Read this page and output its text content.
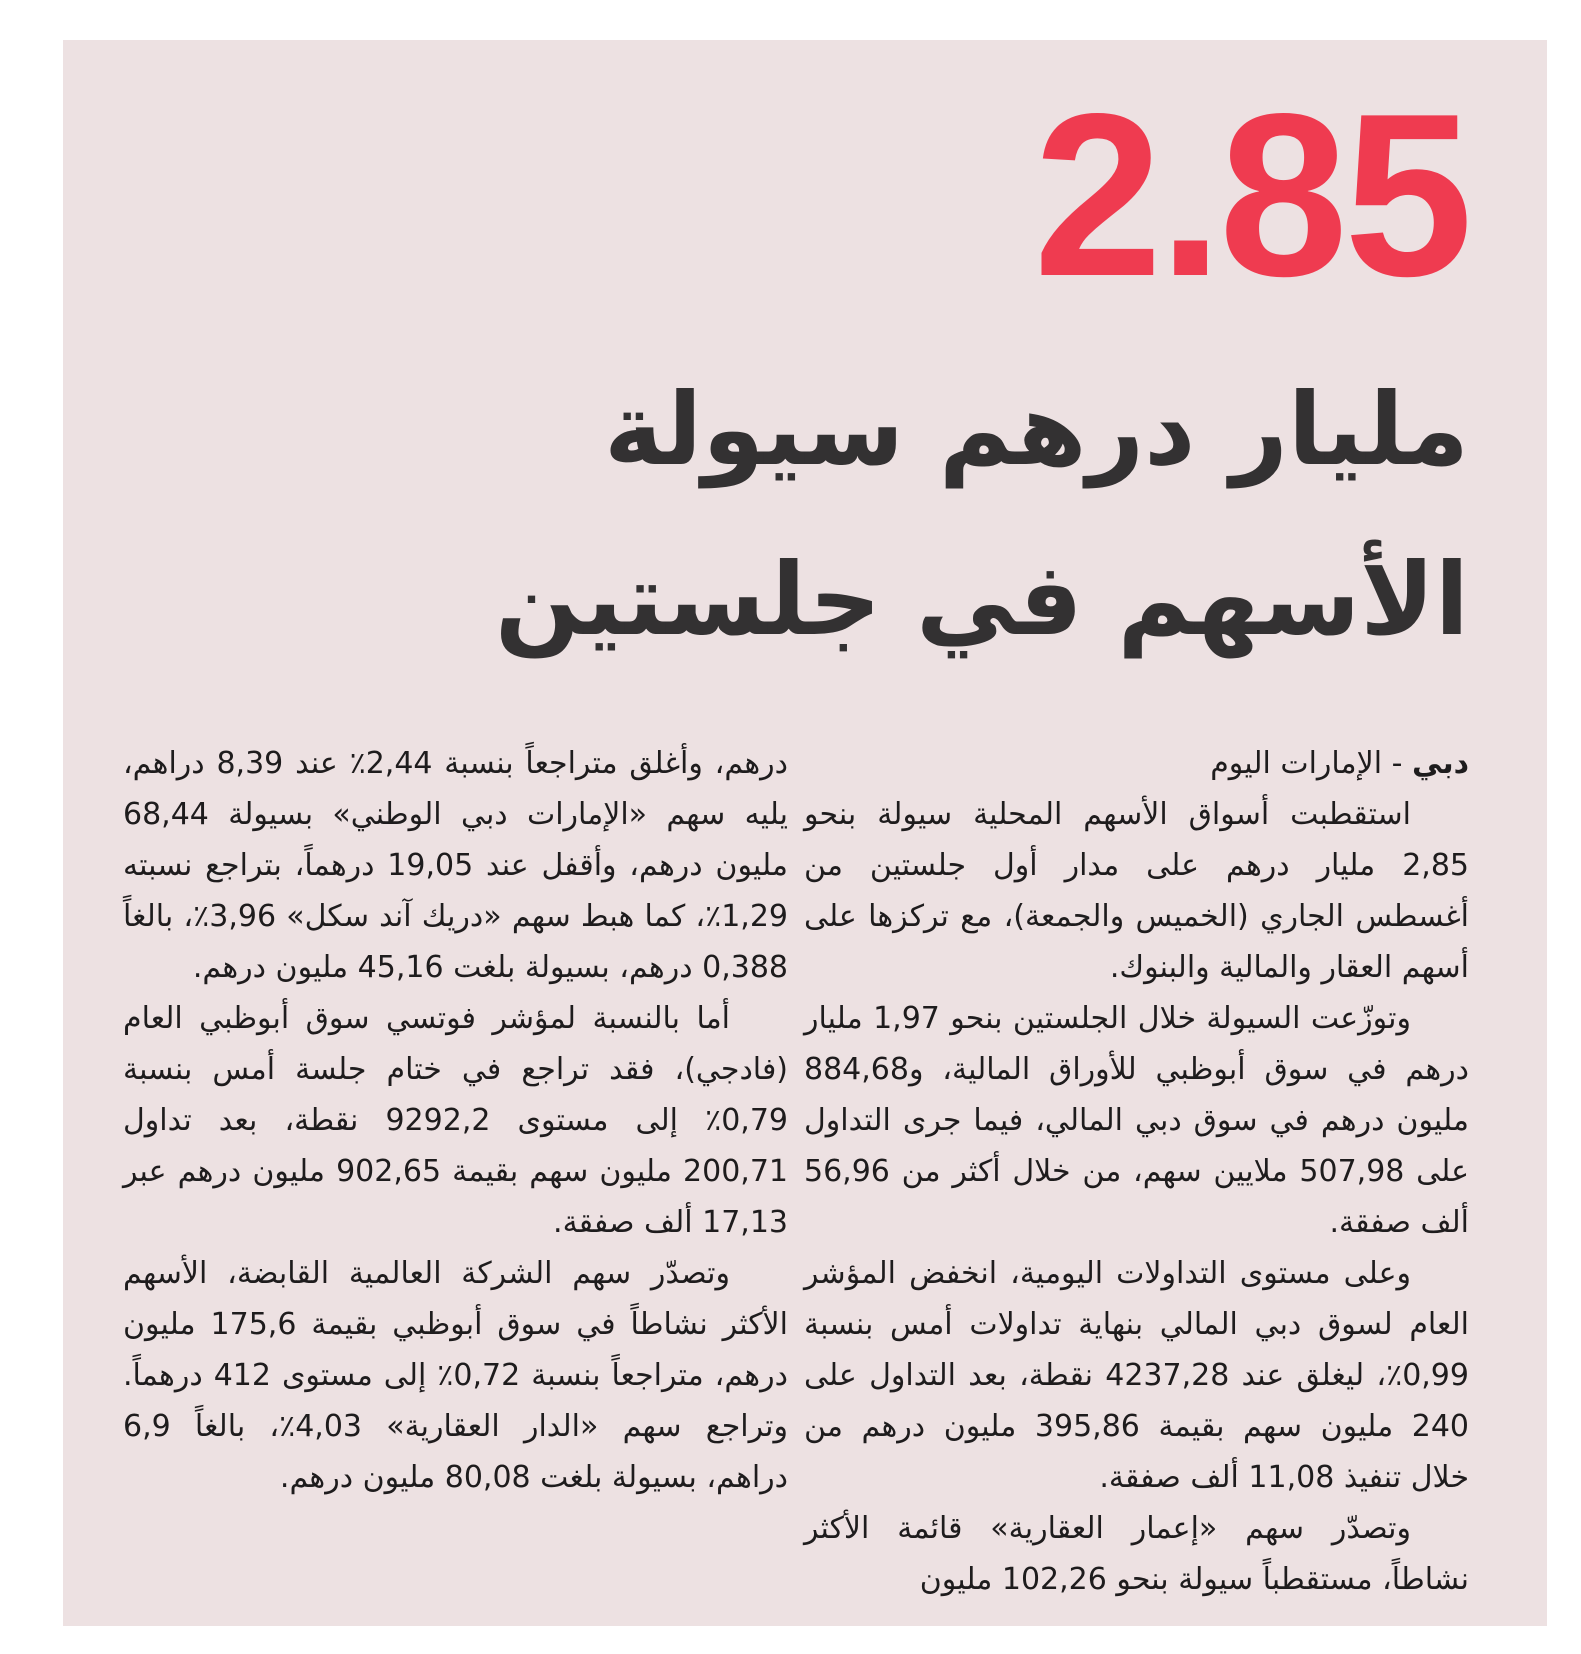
2.85
مليار درهم سيولة الأسهم في جلستين
دبي - الإمارات اليوم

استقطبت أسواق الأسهم المحلية سيولة بنحو 2,85 مليار درهم على مدار أول جلستين من أغسطس الجاري (الخميس والجمعة)، مع تركزها على أسهم العقار والمالية والبنوك.

وتوزّعت السيولة خلال الجلستين بنحو 1,97 مليار درهم في سوق أبوظبي للأوراق المالية، و884,68 مليون درهم في سوق دبي المالي، فيما جرى التداول على 507,98 ملايين سهم، من خلال أكثر من 56,96 ألف صفقة.

وعلى مستوى التداولات اليومية، انخفض المؤشر العام لسوق دبي المالي بنهاية تداولات أمس بنسبة 0,99٪، ليغلق عند 4237,28 نقطة، بعد التداول على 240 مليون سهم بقيمة 395,86 مليون درهم من خلال تنفيذ 11,08 ألف صفقة.

وتصدّر سهم «إعمار العقارية» قائمة الأكثر نشاطاً، مستقطباً سيولة بنحو 102,26 مليون

درهم، وأغلق متراجعاً بنسبة 2,44٪ عند 8,39 دراهم، يليه سهم «الإمارات دبي الوطني» بسيولة 68,44 مليون درهم، وأقفل عند 19,05 درهماً، بتراجع نسبته 1,29٪، كما هبط سهم «دريك آند سكل» 3,96٪، بالغاً 0,388 درهم، بسيولة بلغت 45,16 مليون درهم.

أما بالنسبة لمؤشر فوتسي سوق أبوظبي العام (فادجي)، فقد تراجع في ختام جلسة أمس بنسبة 0,79٪ إلى مستوى 9292,2 نقطة، بعد تداول 200,71 مليون سهم بقيمة 902,65 مليون درهم عبر 17,13 ألف صفقة.

وتصدّر سهم الشركة العالمية القابضة، الأسهم الأكثر نشاطاً في سوق أبوظبي بقيمة 175,6 مليون درهم، متراجعاً بنسبة 0,72٪ إلى مستوى 412 درهماً. وتراجع سهم «الدار العقارية» 4,03٪، بالغاً 6,9 دراهم، بسيولة بلغت 80,08 مليون درهم.
